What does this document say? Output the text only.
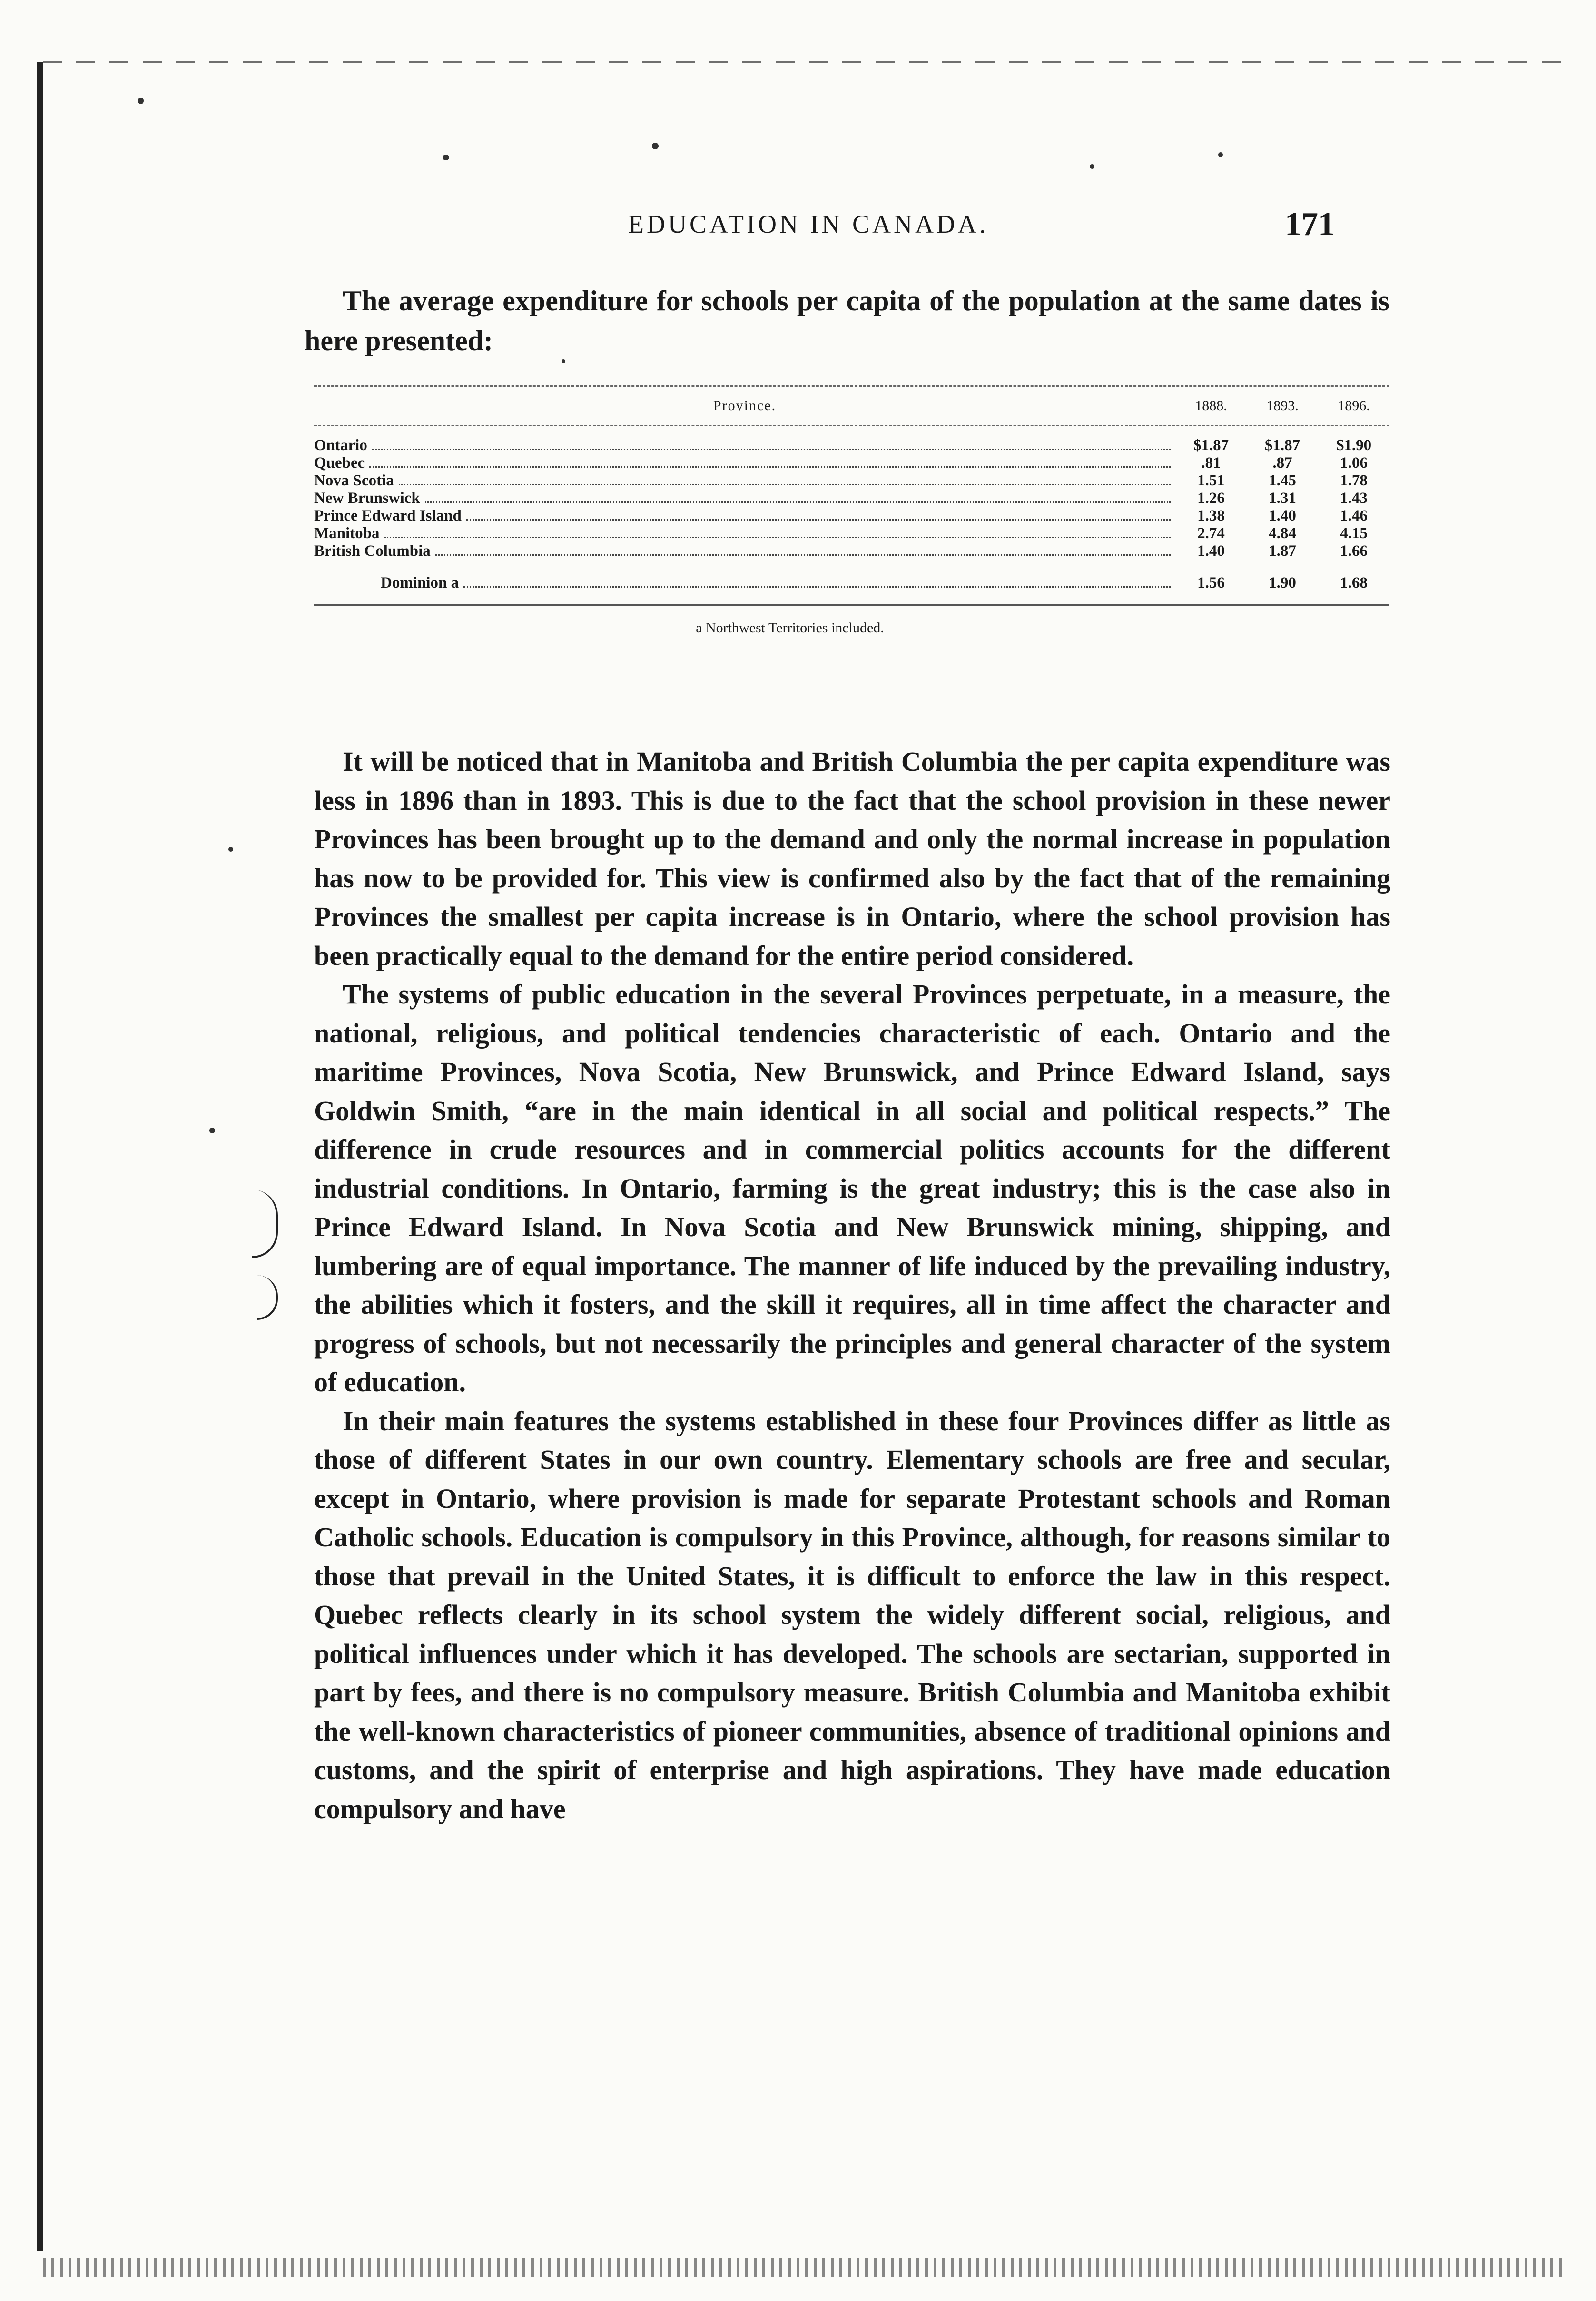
EDUCATION IN CANADA.	171
The average expenditure for schools per capita of the population at the same dates is here presented:
Province.	1888.	1893.	1896.
Ontario	$1.87	$1.87	$1.90
Quebec	.81	.87	1.06
Nova Scotia	1.51	1.45	1.78
New Brunswick	1.26	1.31	1.43
Prince Edward Island	1.38	1.40	1.46
Manitoba	2.74	4.84	4.15
British Columbia	1.40	1.87	1.66
Dominion a	1.56	1.90	1.68
a Northwest Territories included.

It will be noticed that in Manitoba and British Columbia the per capita expenditure was less in 1896 than in 1893. This is due to the fact that the school provision in these newer Provinces has been brought up to the demand and only the normal increase in population has now to be provided for. This view is confirmed also by the fact that of the remaining Provinces the smallest per capita increase is in Ontario, where the school provision has been practically equal to the demand for the entire period considered.

The systems of public education in the several Provinces perpetuate, in a measure, the national, religious, and political tendencies characteristic of each. Ontario and the maritime Provinces, Nova Scotia, New Brunswick, and Prince Edward Island, says Goldwin Smith, “are in the main identical in all social and political respects.” The difference in crude resources and in commercial politics accounts for the different industrial conditions. In Ontario, farming is the great industry; this is the case also in Prince Edward Island. In Nova Scotia and New Brunswick mining, shipping, and lumbering are of equal importance. The manner of life induced by the prevailing industry, the abilities which it fosters, and the skill it requires, all in time affect the character and progress of schools, but not necessarily the principles and general character of the system of education.

In their main features the systems established in these four Provinces differ as little as those of different States in our own country. Elementary schools are free and secular, except in Ontario, where provision is made for separate Protestant schools and Roman Catholic schools. Education is compulsory in this Province, although, for reasons similar to those that prevail in the United States, it is difficult to enforce the law in this respect. Quebec reflects clearly in its school system the widely different social, religious, and political influences under which it has developed. The schools are sectarian, supported in part by fees, and there is no compulsory measure. British Columbia and Manitoba exhibit the well-known characteristics of pioneer communities, absence of traditional opinions and customs, and the spirit of enterprise and high aspirations. They have made education compulsory and have
